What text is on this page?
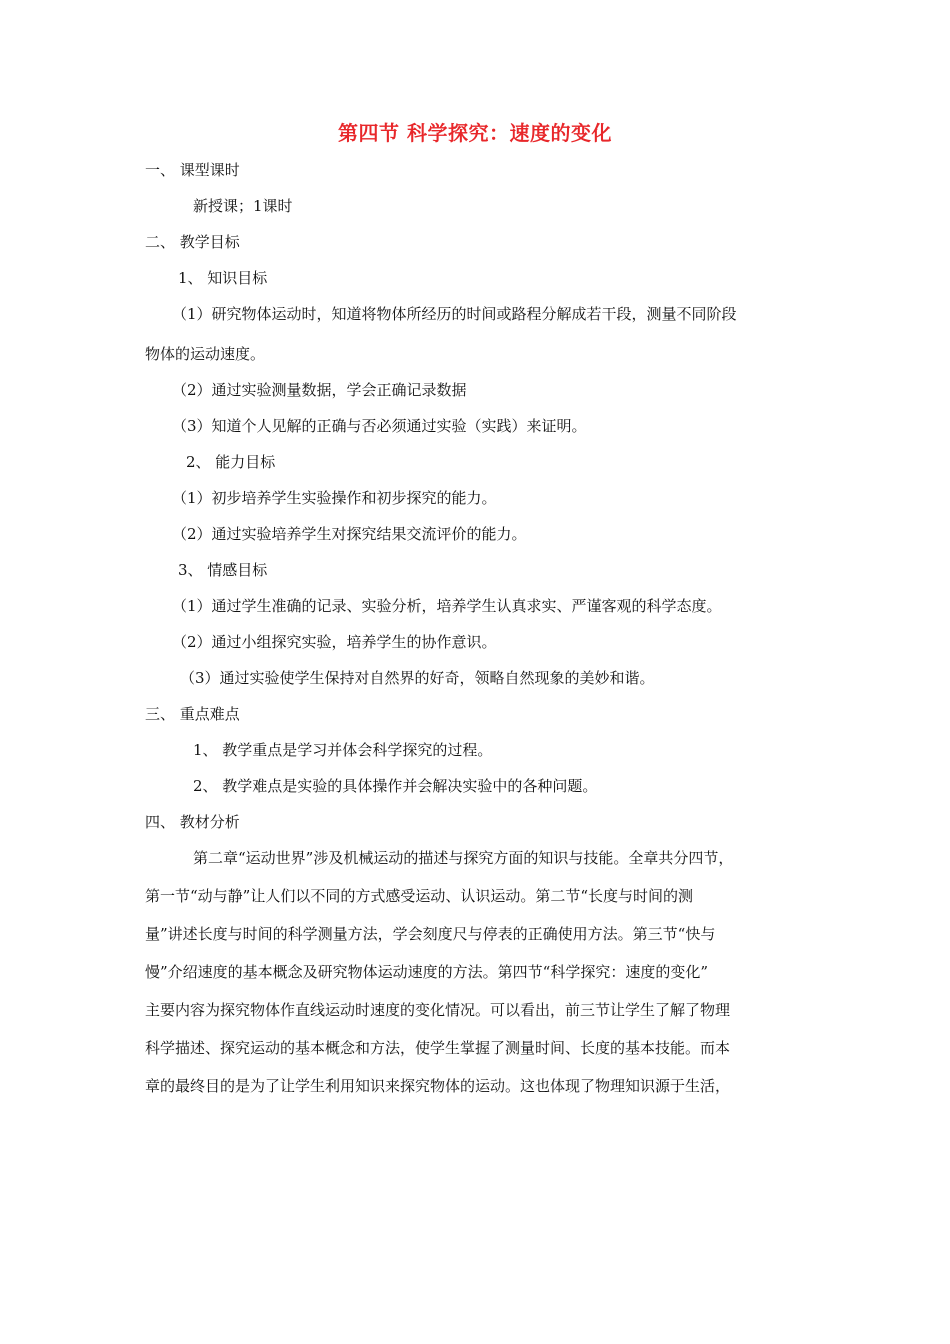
第四节 科学探究：速度的变化
一、 课型课时
新授课；1课时
二、 教学目标
1、 知识目标
（1）研究物体运动时，知道将物体所经历的时间或路程分解成若干段，测量不同阶段
物体的运动速度。
（2）通过实验测量数据，学会正确记录数据
（3）知道个人见解的正确与否必须通过实验（实践）来证明。
2、 能力目标
（1）初步培养学生实验操作和初步探究的能力。
（2）通过实验培养学生对探究结果交流评价的能力。
3、 情感目标
（1）通过学生准确的记录、实验分析，培养学生认真求实、严谨客观的科学态度。
（2）通过小组探究实验，培养学生的协作意识。
（3）通过实验使学生保持对自然界的好奇，领略自然现象的美妙和谐。
三、 重点难点
1、 教学重点是学习并体会科学探究的过程。
2、 教学难点是实验的具体操作并会解决实验中的各种问题。
四、 教材分析
第二章“运动世界”涉及机械运动的描述与探究方面的知识与技能。全章共分四节，
第一节“动与静”让人们以不同的方式感受运动、认识运动。第二节“长度与时间的测
量”讲述长度与时间的科学测量方法，学会刻度尺与停表的正确使用方法。第三节“快与
慢”介绍速度的基本概念及研究物体运动速度的方法。第四节“科学探究：速度的变化”
主要内容为探究物体作直线运动时速度的变化情况。可以看出，前三节让学生了解了物理
科学描述、探究运动的基本概念和方法，使学生掌握了测量时间、长度的基本技能。而本
章的最终目的是为了让学生利用知识来探究物体的运动。这也体现了物理知识源于生活，
